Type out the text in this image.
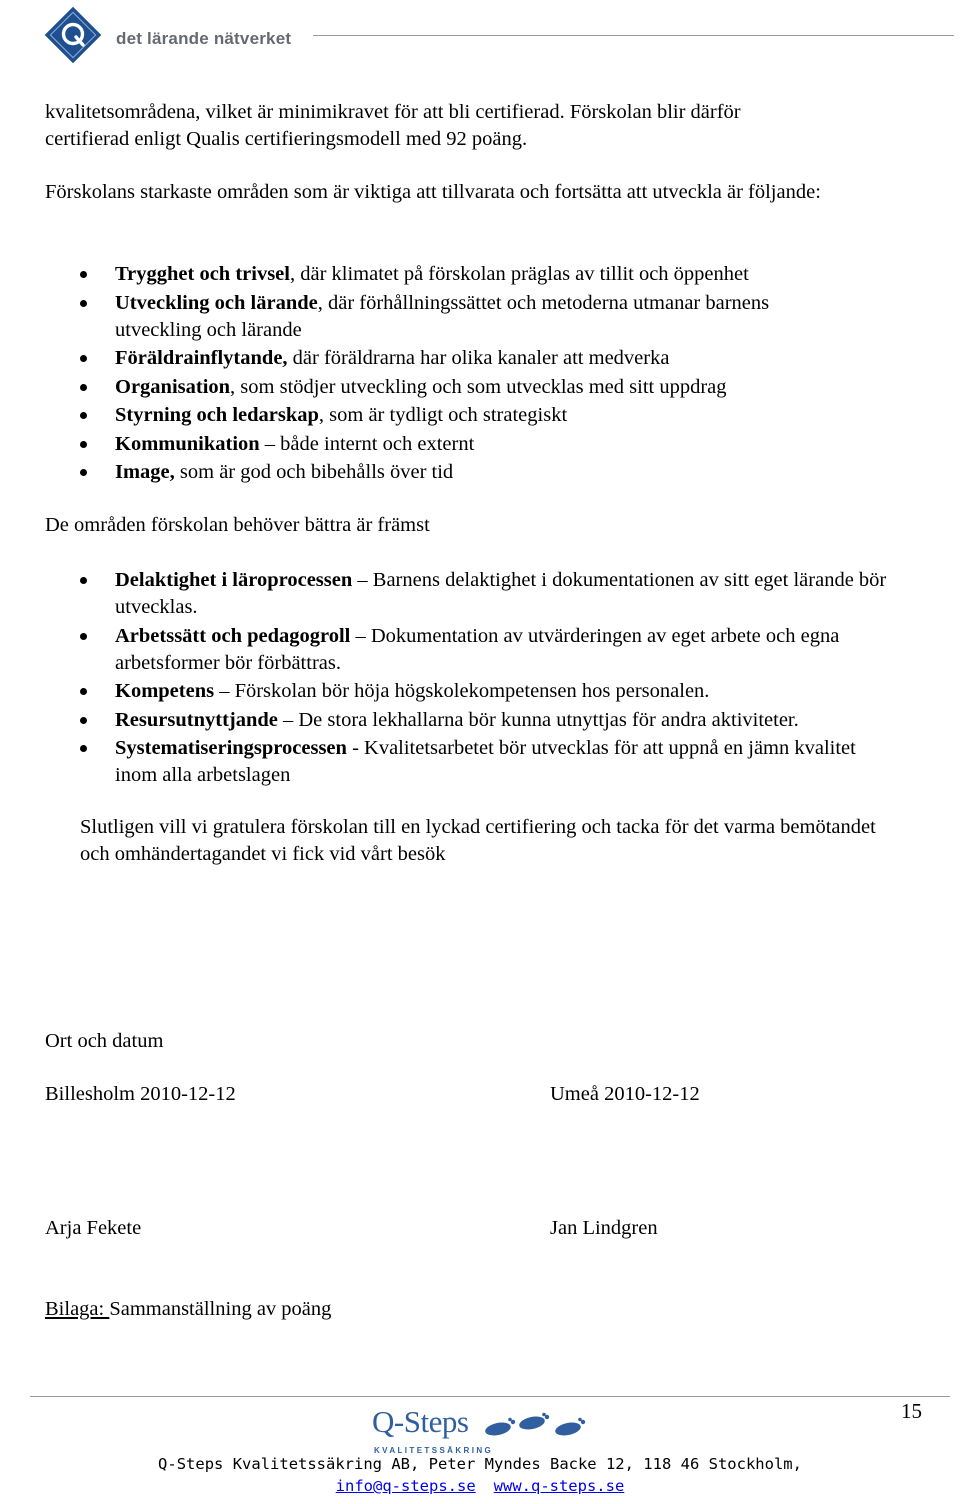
det lärande nätverket

kvalitetsområdena, vilket är minimikravet för att bli certifierad. Förskolan blir därför
certifierad enligt Qualis certifieringsmodell med 92 poäng.

Förskolans starkaste områden som är viktiga att tillvarata och fortsätta att utveckla är följande:

Trygghet och trivsel, där klimatet på förskolan präglas av tillit och öppenhet
Utveckling och lärande, där förhållningssättet och metoderna utmanar barnens utveckling och lärande
Föräldrainflytande, där föräldrarna har olika kanaler att medverka
Organisation, som stödjer utveckling och som utvecklas med sitt uppdrag
Styrning och ledarskap, som är tydligt och strategiskt
Kommunikation – både internt och externt
Image, som är god och bibehålls över tid

De områden förskolan behöver bättra är främst

Delaktighet i läroprocessen – Barnens delaktighet i dokumentationen av sitt eget lärande bör utvecklas.
Arbetssätt och pedagogroll – Dokumentation av utvärderingen av eget arbete och egna arbetsformer bör förbättras.
Kompetens – Förskolan bör höja högskolekompetensen hos personalen.
Resursutnyttjande – De stora lekhallarna bör kunna utnyttjas för andra aktiviteter.
Systematiseringsprocessen - Kvalitetsarbetet bör utvecklas för att uppnå en jämn kvalitet inom alla arbetslagen

Slutligen vill vi gratulera förskolan till en lyckad certifiering och tacka för det varma bemötandet och omhändertagandet vi fick vid vårt besök

Ort och datum

Billesholm 2010-12-12	Umeå 2010-12-12

Arja Fekete	Jan Lindgren

Bilaga: Sammanställning av poäng

15
Q-Steps
KVALITETSSÄKRING
Q-Steps Kvalitetssäkring AB, Peter Myndes Backe 12, 118 46 Stockholm,
info@q-steps.se www.q-steps.se
